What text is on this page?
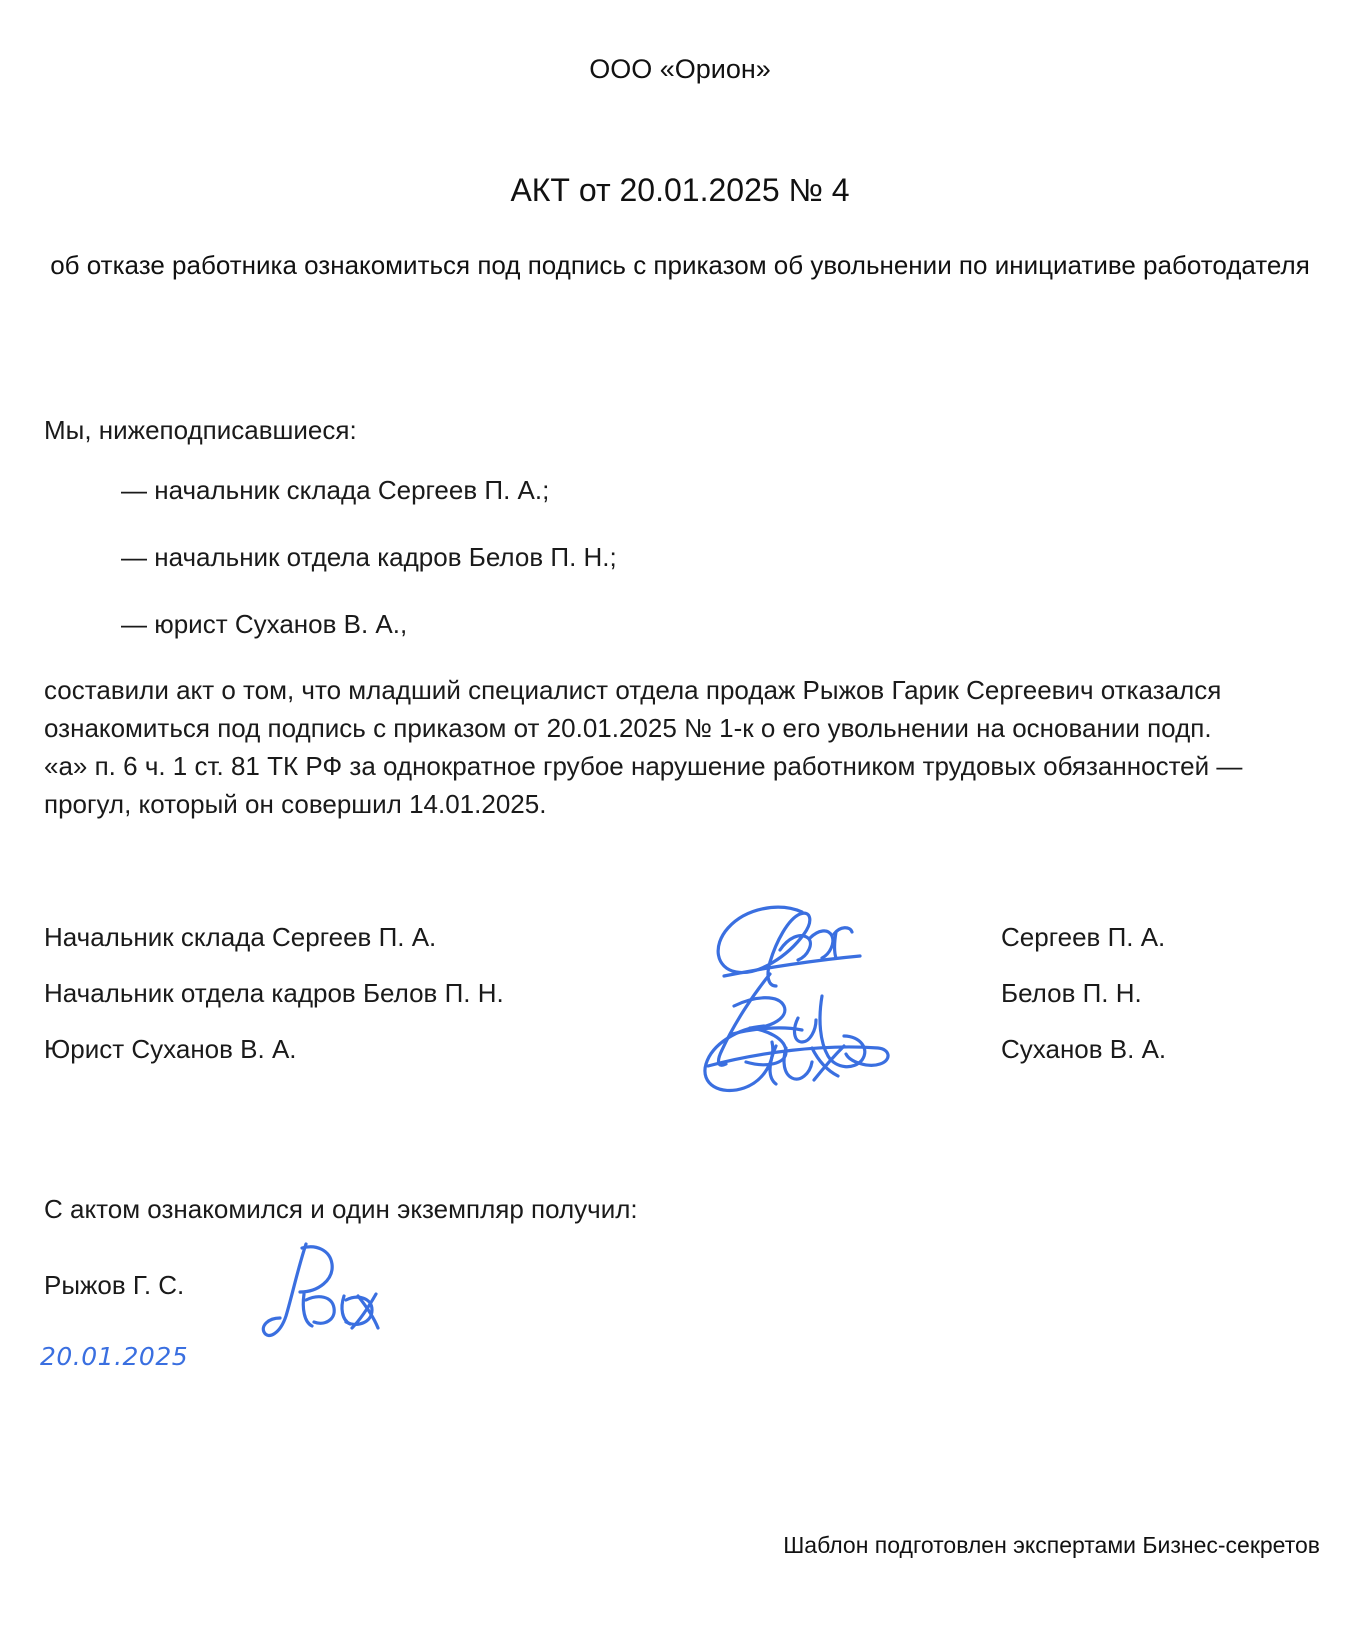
ООО «Орион»
АКТ от 20.01.2025 № 4
об отказе работника ознакомиться под подпись с приказом об увольнении по инициативе работодателя
Мы, нижеподписавшиеся:
— начальник склада Сергеев П. А.;
— начальник отдела кадров Белов П. Н.;
— юрист Суханов В. А.,
составили акт о том, что младший специалист отдела продаж Рыжов Гарик Сергеевич отказался ознакомиться под подпись с приказом от 20.01.2025 № 1-к о его увольнении на основании подп. «а» п. 6 ч. 1 ст. 81 ТК РФ за однократное грубое нарушение работником трудовых обязанностей — прогул, который он совершил 14.01.2025.
Начальник склада Сергеев П. А.	Сергеев П. А.
Начальник отдела кадров Белов П. Н.	Белов П. Н.
Юрист Суханов В. А.	Суханов В. А.
С актом ознакомился и один экземпляр получил:
Рыжов Г. С.
20.01.2025
Шаблон подготовлен экспертами Бизнес-секретов
